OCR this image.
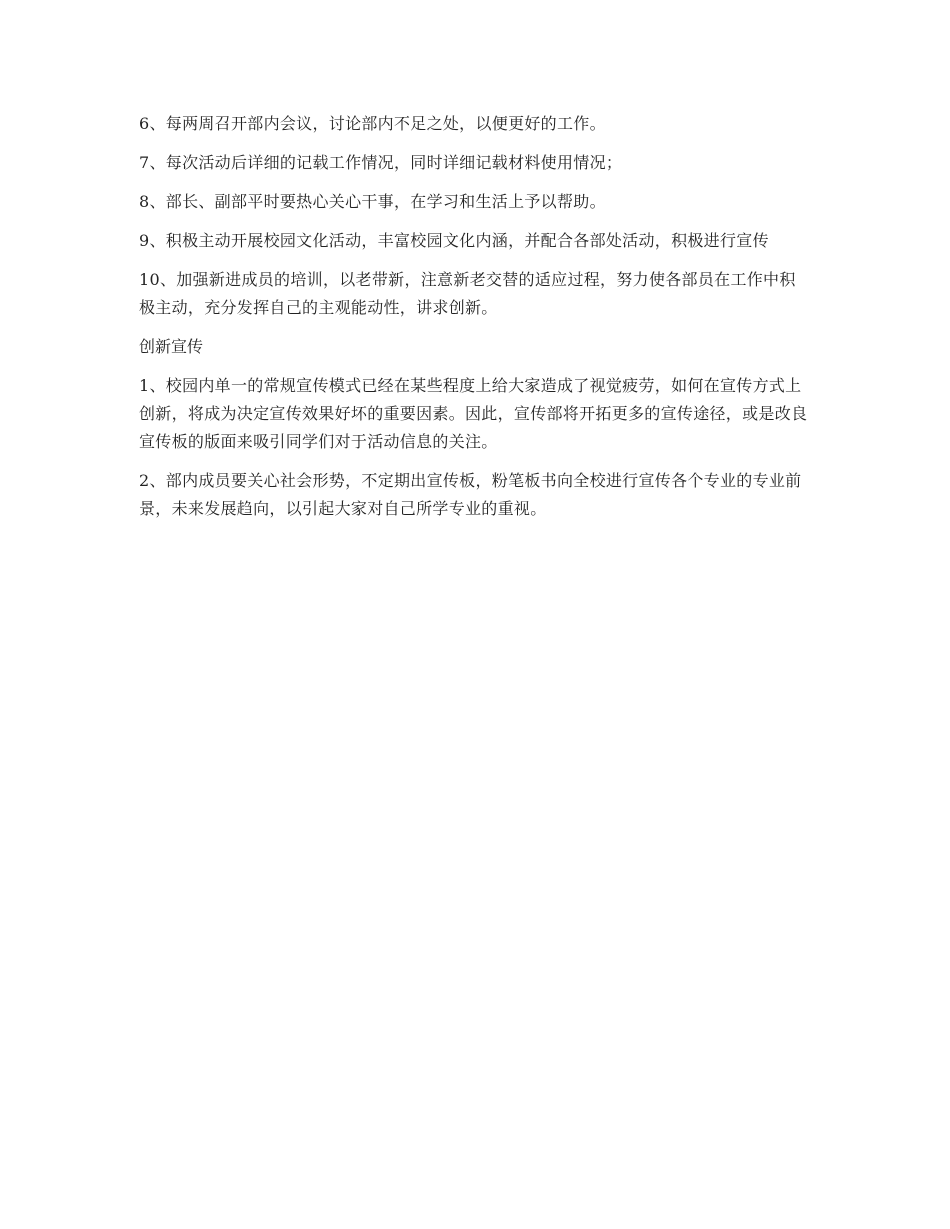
6、每两周召开部内会议，讨论部内不足之处，以便更好的工作。

7、每次活动后详细的记载工作情况，同时详细记载材料使用情况；

8、部长、副部平时要热心关心干事，在学习和生活上予以帮助。

9、积极主动开展校园文化活动，丰富校园文化内涵，并配合各部处活动，积极进行宣传

10、加强新进成员的培训，以老带新，注意新老交替的适应过程，努力使各部员在工作中积极主动，充分发挥自己的主观能动性，讲求创新。

创新宣传

1、校园内单一的常规宣传模式已经在某些程度上给大家造成了视觉疲劳，如何在宣传方式上创新，将成为决定宣传效果好坏的重要因素。因此，宣传部将开拓更多的宣传途径，或是改良宣传板的版面来吸引同学们对于活动信息的关注。

2、部内成员要关心社会形势，不定期出宣传板，粉笔板书向全校进行宣传各个专业的专业前景，未来发展趋向，以引起大家对自己所学专业的重视。
